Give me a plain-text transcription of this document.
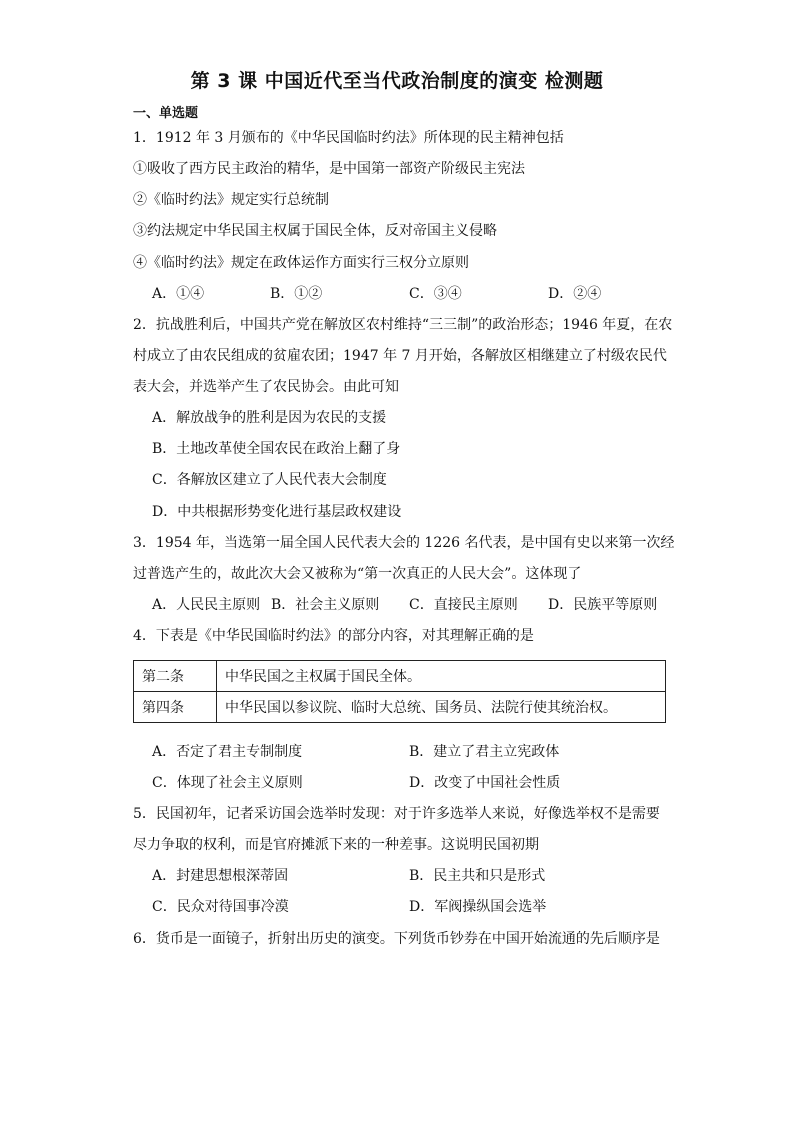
第 3 课 中国近代至当代政治制度的演变 检测题
一、单选题
1．1912 年 3 月颁布的《中华民国临时约法》所体现的民主精神包括
①吸收了西方民主政治的精华，是中国第一部资产阶级民主宪法
②《临时约法》规定实行总统制
③约法规定中华民国主权属于国民全体，反对帝国主义侵略
④《临时约法》规定在政体运作方面实行三权分立原则
A．①④	B．①②	C．③④	D．②④
2．抗战胜利后，中国共产党在解放区农村维持“三三制”的政治形态；1946 年夏，在农
村成立了由农民组成的贫雇农团；1947 年 7 月开始，各解放区相继建立了村级农民代
表大会，并选举产生了农民协会。由此可知
A．解放战争的胜利是因为农民的支援
B．土地改革使全国农民在政治上翻了身
C．各解放区建立了人民代表大会制度
D．中共根据形势变化进行基层政权建设
3．1954 年，当选第一届全国人民代表大会的 1226 名代表，是中国有史以来第一次经
过普选产生的，故此次大会又被称为“第一次真正的人民大会”。这体现了
A．人民民主原则 B．社会主义原则 C．直接民主原则 D．民族平等原则
4．下表是《中华民国临时约法》的部分内容，对其理解正确的是
第二条	中华民国之主权属于国民全体。
第四条	中华民国以参议院、临时大总统、国务员、法院行使其统治权。
A．否定了君主专制制度	B．建立了君主立宪政体
C．体现了社会主义原则	D．改变了中国社会性质
5．民国初年，记者采访国会选举时发现：对于许多选举人来说，好像选举权不是需要
尽力争取的权利，而是官府摊派下来的一种差事。这说明民国初期
A．封建思想根深蒂固	B．民主共和只是形式
C．民众对待国事冷漠	D．军阀操纵国会选举
6．货币是一面镜子，折射出历史的演变。下列货币钞券在中国开始流通的先后顺序是
